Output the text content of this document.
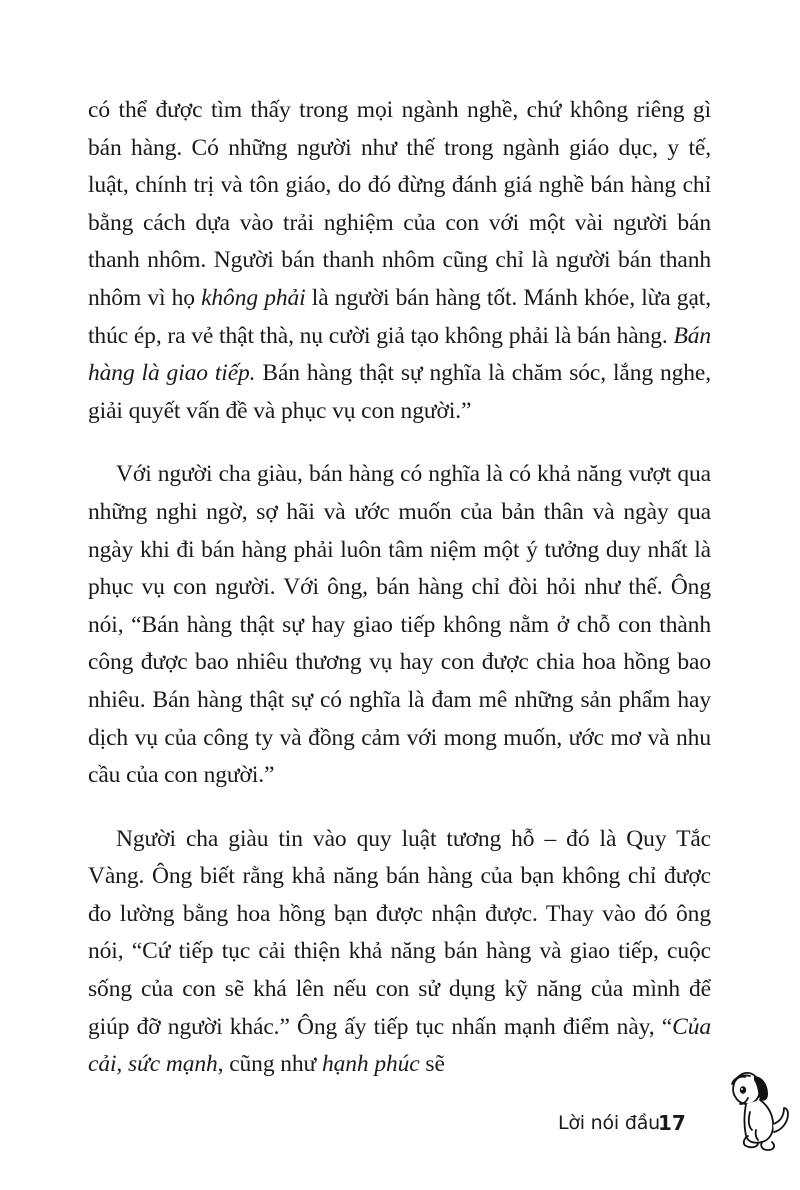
có thể được tìm thấy trong mọi ngành nghề, chứ không riêng gì bán hàng. Có những người như thế trong ngành giáo dục, y tế, luật, chính trị và tôn giáo, do đó đừng đánh giá nghề bán hàng chỉ bằng cách dựa vào trải nghiệm của con với một vài người bán thanh nhôm. Người bán thanh nhôm cũng chỉ là người bán thanh nhôm vì họ không phải là người bán hàng tốt. Mánh khóe, lừa gạt, thúc ép, ra vẻ thật thà, nụ cười giả tạo không phải là bán hàng. Bán hàng là giao tiếp. Bán hàng thật sự nghĩa là chăm sóc, lắng nghe, giải quyết vấn đề và phục vụ con người.”

Với người cha giàu, bán hàng có nghĩa là có khả năng vượt qua những nghi ngờ, sợ hãi và ước muốn của bản thân và ngày qua ngày khi đi bán hàng phải luôn tâm niệm một ý tưởng duy nhất là phục vụ con người. Với ông, bán hàng chỉ đòi hỏi như thế. Ông nói, “Bán hàng thật sự hay giao tiếp không nằm ở chỗ con thành công được bao nhiêu thương vụ hay con được chia hoa hồng bao nhiêu. Bán hàng thật sự có nghĩa là đam mê những sản phẩm hay dịch vụ của công ty và đồng cảm với mong muốn, ước mơ và nhu cầu của con người.”

Người cha giàu tin vào quy luật tương hỗ – đó là Quy Tắc Vàng. Ông biết rằng khả năng bán hàng của bạn không chỉ được đo lường bằng hoa hồng bạn được nhận được. Thay vào đó ông nói, “Cứ tiếp tục cải thiện khả năng bán hàng và giao tiếp, cuộc sống của con sẽ khá lên nếu con sử dụng kỹ năng của mình để giúp đỡ người khác.” Ông ấy tiếp tục nhấn mạnh điểm này, “Của cải, sức mạnh, cũng như hạnh phúc sẽ

Lời nói đầu
17
